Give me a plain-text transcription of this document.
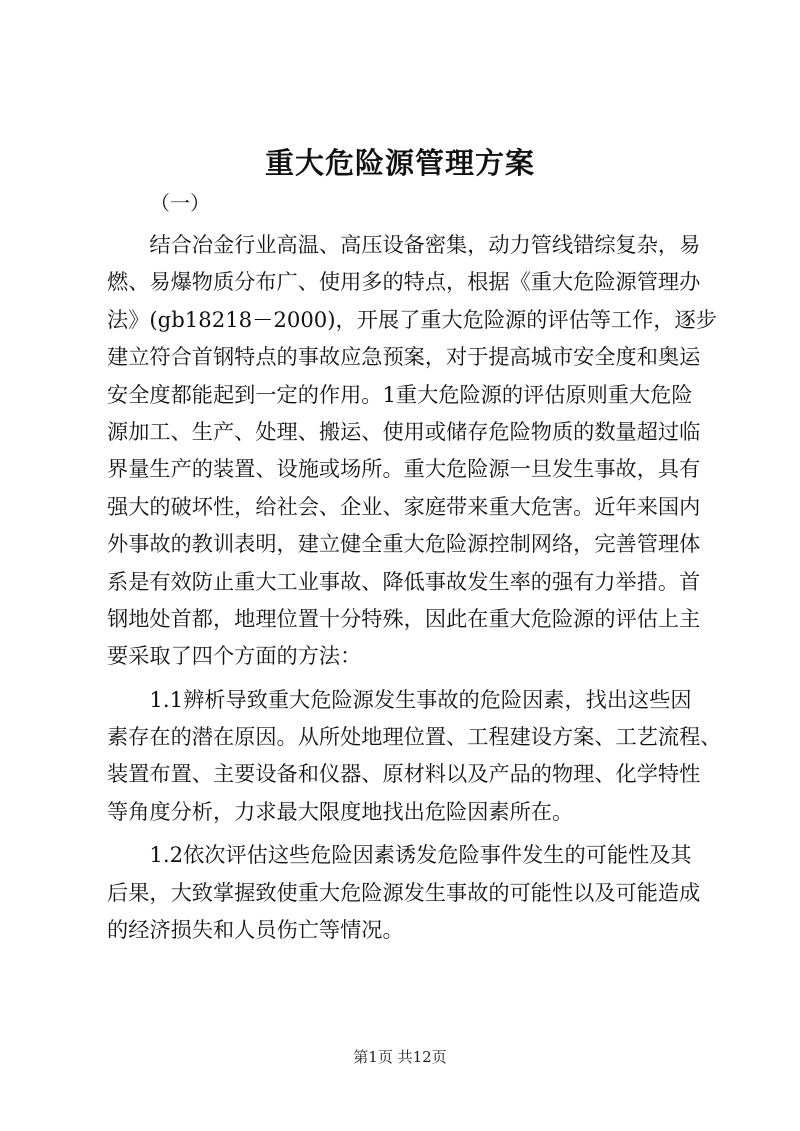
重大危险源管理方案
（一）
　　结合冶金行业高温、高压设备密集，动力管线错综复杂，易
燃、易爆物质分布广、使用多的特点，根据《重大危险源管理办
法》(gb18218－2000)，开展了重大危险源的评估等工作，逐步
建立符合首钢特点的事故应急预案，对于提高城市安全度和奥运
安全度都能起到一定的作用。1重大危险源的评估原则重大危险
源加工、生产、处理、搬运、使用或储存危险物质的数量超过临
界量生产的装置、设施或场所。重大危险源一旦发生事故，具有
强大的破坏性，给社会、企业、家庭带来重大危害。近年来国内
外事故的教训表明，建立健全重大危险源控制网络，完善管理体
系是有效防止重大工业事故、降低事故发生率的强有力举措。首
钢地处首都，地理位置十分特殊，因此在重大危险源的评估上主
要采取了四个方面的方法：
　　1.1辨析导致重大危险源发生事故的危险因素，找出这些因
素存在的潜在原因。从所处地理位置、工程建设方案、工艺流程、
装置布置、主要设备和仪器、原材料以及产品的物理、化学特性
等角度分析，力求最大限度地找出危险因素所在。
　　1.2依次评估这些危险因素诱发危险事件发生的可能性及其
后果，大致掌握致使重大危险源发生事故的可能性以及可能造成
的经济损失和人员伤亡等情况。
第1页 共12页
